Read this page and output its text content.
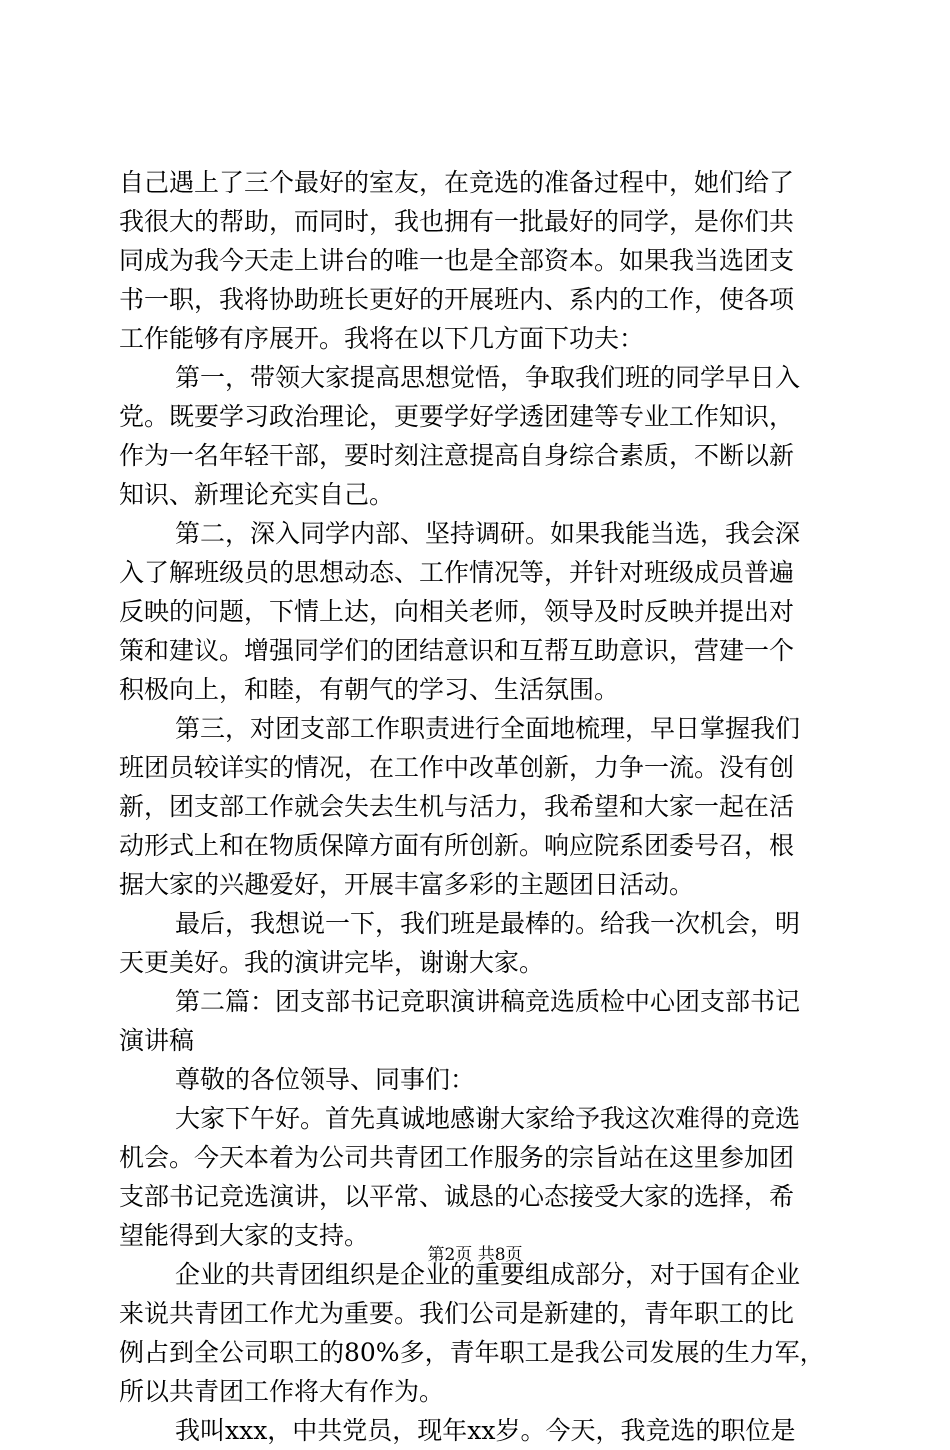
自己遇上了三个最好的室友，在竞选的准备过程中，她们给了
我很大的帮助，而同时，我也拥有一批最好的同学，是你们共
同成为我今天走上讲台的唯一也是全部资本。如果我当选团支
书一职，我将协助班长更好的开展班内、系内的工作，使各项
工作能够有序展开。我将在以下几方面下功夫：
第一，带领大家提高思想觉悟，争取我们班的同学早日入
党。既要学习政治理论，更要学好学透团建等专业工作知识，
作为一名年轻干部，要时刻注意提高自身综合素质，不断以新
知识、新理论充实自己。
第二，深入同学内部、坚持调研。如果我能当选，我会深
入了解班级员的思想动态、工作情况等，并针对班级成员普遍
反映的问题，下情上达，向相关老师，领导及时反映并提出对
策和建议。增强同学们的团结意识和互帮互助意识，营建一个
积极向上，和睦，有朝气的学习、生活氛围。
第三，对团支部工作职责进行全面地梳理，早日掌握我们
班团员较详实的情况，在工作中改革创新，力争一流。没有创
新，团支部工作就会失去生机与活力，我希望和大家一起在活
动形式上和在物质保障方面有所创新。响应院系团委号召，根
据大家的兴趣爱好，开展丰富多彩的主题团日活动。
最后，我想说一下，我们班是最棒的。给我一次机会，明
天更美好。我的演讲完毕，谢谢大家。
第二篇：团支部书记竞职演讲稿竞选质检中心团支部书记
演讲稿
尊敬的各位领导、同事们：
大家下午好。首先真诚地感谢大家给予我这次难得的竞选
机会。今天本着为公司共青团工作服务的宗旨站在这里参加团
支部书记竞选演讲，以平常、诚恳的心态接受大家的选择，希
望能得到大家的支持。
企业的共青团组织是企业的重要组成部分，对于国有企业
来说共青团工作尤为重要。我们公司是新建的，青年职工的比
例占到全公司职工的80%多，青年职工是我公司发展的生力军，
所以共青团工作将大有作为。
我叫xxx，中共党员，现年xx岁。今天，我竞选的职位是
第2页 共8页
